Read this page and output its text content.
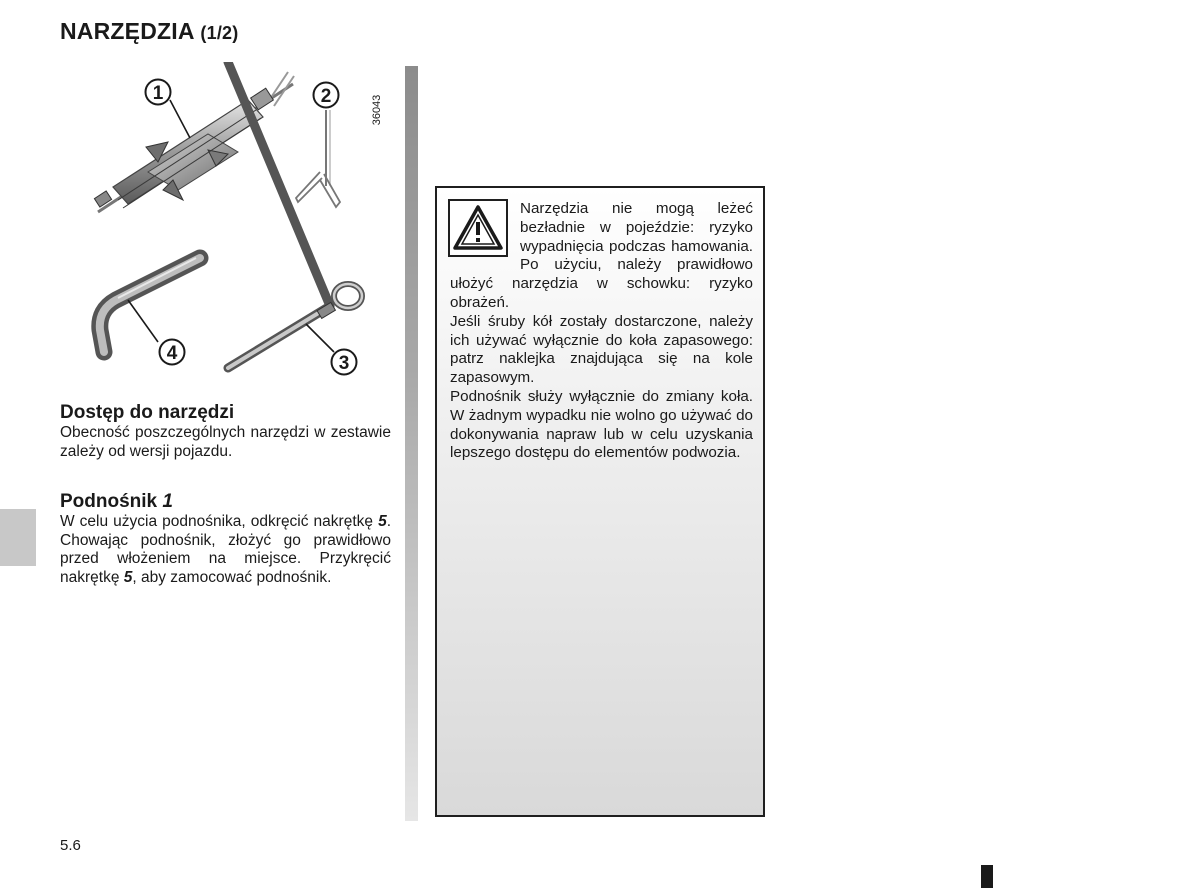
NARZĘDZIA (1/2)
1	2	36043
4	3
Dostęp do narzędzi

Obecność poszczególnych narzędzi w zestawie zależy od wersji pojazdu.

Podnośnik 1

W celu użycia podnośnika, odkręcić nakrętkę 5. Chowając podnośnik, złożyć go prawidłowo przed włożeniem na miejsce. Przykręcić nakrętkę 5, aby zamocować podnośnik.

Narzędzia nie mogą leżeć bezładnie w pojeździe: ryzyko wypadnięcia podczas hamowania. Po użyciu, należy prawidłowo ułożyć narzędzia w schowku: ryzyko obrażeń.

Jeśli śruby kół zostały dostarczone, należy ich używać wyłącznie do koła zapasowego: patrz naklejka znajdująca się na kole zapasowym.

Podnośnik służy wyłącznie do zmiany koła. W żadnym wypadku nie wolno go używać do dokonywania napraw lub w celu uzyskania lepszego dostępu do elementów podwozia.

5.6
